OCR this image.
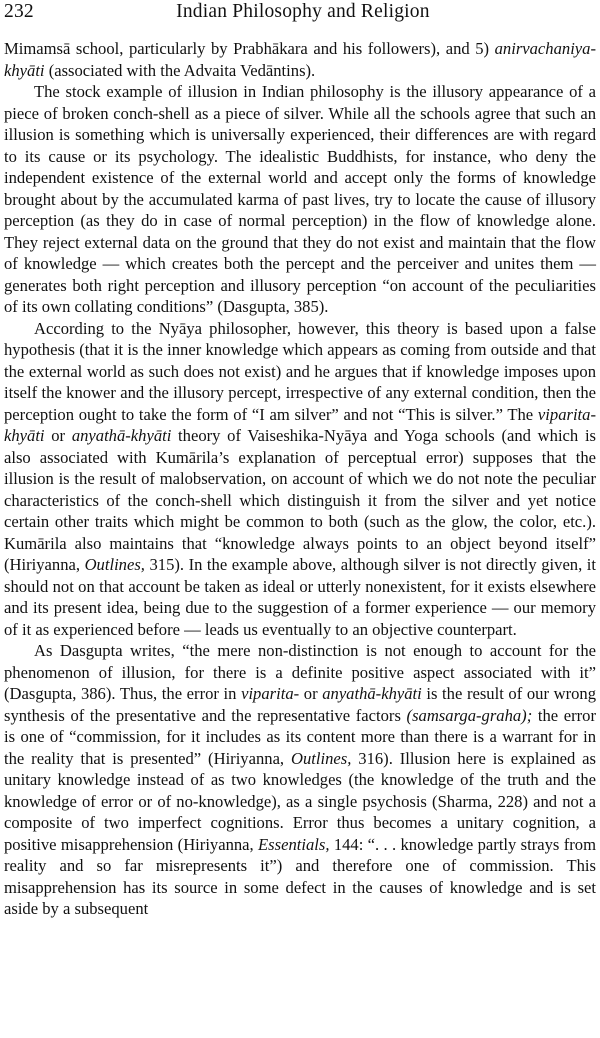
232	Indian Philosophy and Religion

Mimamsā school, particularly by Prabhākara and his followers), and 5) anirvachaniya-khyāti (associated with the Advaita Vedāntins).

The stock example of illusion in Indian philosophy is the illusory appearance of a piece of broken conch-shell as a piece of silver. While all the schools agree that such an illusion is something which is universally experienced, their differences are with regard to its cause or its psychology. The idealistic Buddhists, for instance, who deny the independent existence of the external world and accept only the forms of knowledge brought about by the accumulated karma of past lives, try to locate the cause of illusory perception (as they do in case of normal perception) in the flow of knowledge alone. They reject external data on the ground that they do not exist and maintain that the flow of knowledge — which creates both the percept and the perceiver and unites them — generates both right perception and illusory perception “on account of the peculiarities of its own collating conditions” (Dasgupta, 385).

According to the Nyāya philosopher, however, this theory is based upon a false hypothesis (that it is the inner knowledge which appears as coming from outside and that the external world as such does not exist) and he argues that if knowledge imposes upon itself the knower and the illusory percept, irrespective of any external condition, then the perception ought to take the form of “I am silver” and not “This is silver.” The viparita-khyāti or anyathā-khyāti theory of Vaiseshika-Nyāya and Yoga schools (and which is also associated with Kumārila’s explanation of perceptual error) supposes that the illusion is the result of malobservation, on account of which we do not note the peculiar characteristics of the conch-shell which distinguish it from the silver and yet notice certain other traits which might be common to both (such as the glow, the color, etc.). Kumārila also maintains that “knowledge always points to an object beyond itself” (Hiriyanna, Outlines, 315). In the example above, although silver is not directly given, it should not on that account be taken as ideal or utterly nonexistent, for it exists elsewhere and its present idea, being due to the suggestion of a former experience — our memory of it as experienced before — leads us eventually to an objective counterpart.

As Dasgupta writes, “the mere non-distinction is not enough to account for the phenomenon of illusion, for there is a definite positive aspect associated with it” (Dasgupta, 386). Thus, the error in viparita- or anyathā-khyāti is the result of our wrong synthesis of the presentative and the representative factors (samsarga-graha); the error is one of “commission, for it includes as its content more than there is a warrant for in the reality that is presented” (Hiriyanna, Outlines, 316). Illusion here is explained as unitary knowledge instead of as two knowledges (the knowledge of the truth and the knowledge of error or of no-knowledge), as a single psychosis (Sharma, 228) and not a composite of two imperfect cognitions. Error thus becomes a unitary cognition, a positive misapprehension (Hiriyanna, Essentials, 144: “. . . knowledge partly strays from reality and so far misrepresents it”) and therefore one of commission. This misapprehension has its source in some defect in the causes of knowledge and is set aside by a subsequent
